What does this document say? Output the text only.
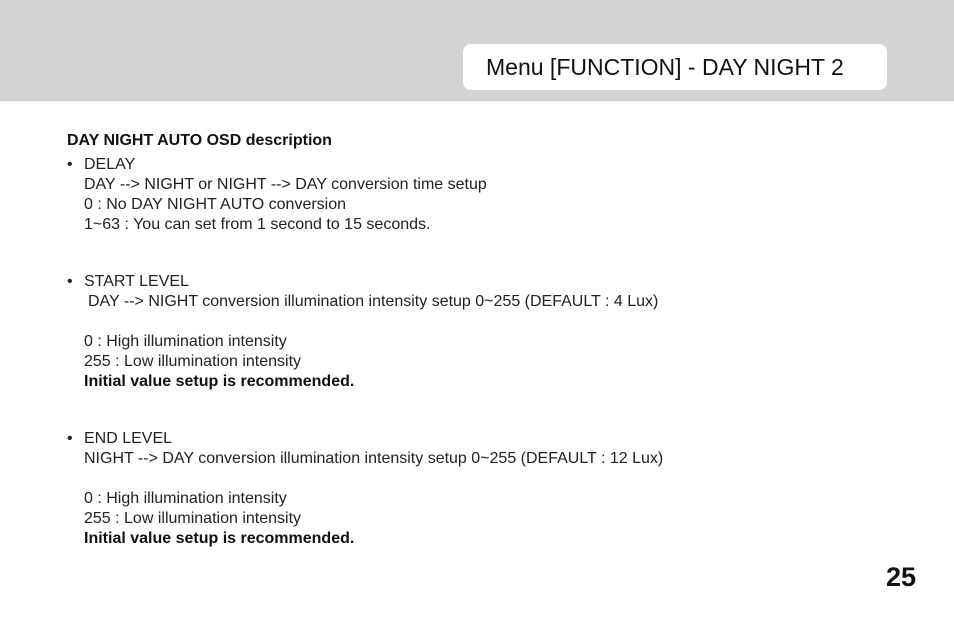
Menu [FUNCTION] - DAY NIGHT 2
DAY NIGHT AUTO OSD description
• DELAY
DAY --> NIGHT or NIGHT --> DAY conversion time setup
0 : No DAY NIGHT AUTO conversion
1~63 : You can set from 1 second to 15 seconds.
• START LEVEL
DAY --> NIGHT conversion illumination intensity setup 0~255 (DEFAULT : 4 Lux)
0 : High illumination intensity
255 : Low illumination intensity
Initial value setup is recommended.
• END LEVEL
NIGHT --> DAY conversion illumination intensity setup 0~255 (DEFAULT : 12 Lux)
0 : High illumination intensity
255 : Low illumination intensity
Initial value setup is recommended.
25
